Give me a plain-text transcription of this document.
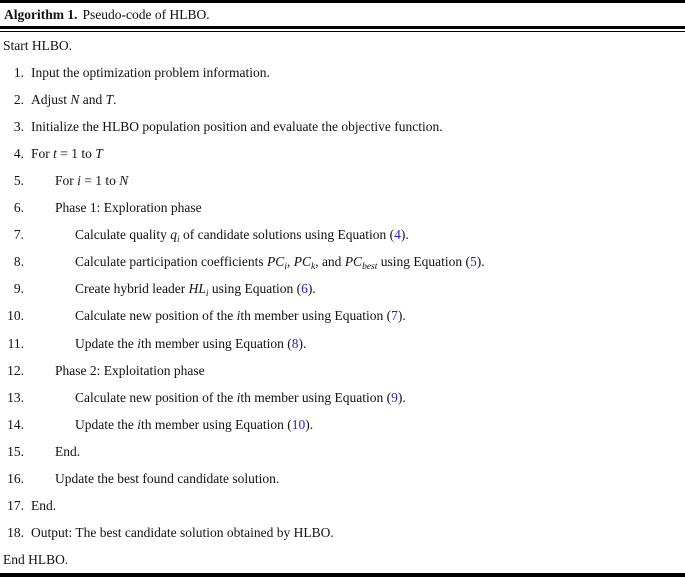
Algorithm 1. Pseudo-code of HLBO.
Start HLBO.
1. Input the optimization problem information.
2. Adjust N and T.
3. Initialize the HLBO population position and evaluate the objective function.
4. For t = 1 to T
5. For i = 1 to N
6. Phase 1: Exploration phase
7.	Calculate quality $q_i$ of candidate solutions using Equation (4).
8.	Calculate participation coefficients $PC_i$, $PC_k$, and $PC_{best}$ using Equation (5).
9.	Create hybrid leader $HL_i$ using Equation (6).
10.	Calculate new position of the ith member using Equation (7).
11.	Update the ith member using Equation (8).
12. Phase 2: Exploitation phase
13.	Calculate new position of the ith member using Equation (9).
14.	Update the ith member using Equation (10).
15. End.
16. Update the best found candidate solution.
17. End.
18. Output: The best candidate solution obtained by HLBO.
End HLBO.
